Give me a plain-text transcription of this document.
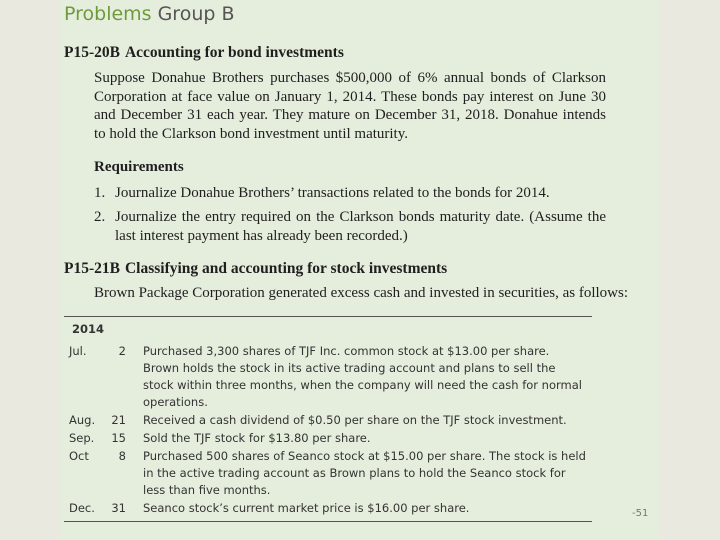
Problems Group B
P15-20B Accounting for bond investments
Suppose Donahue Brothers purchases $500,000 of 6% annual bonds of Clarkson Corporation at face value on January 1, 2014. These bonds pay interest on June 30 and December 31 each year. They mature on December 31, 2018. Donahue intends to hold the Clarkson bond investment until maturity.
Requirements
1. Journalize Donahue Brothers’ transactions related to the bonds for 2014.
2. Journalize the entry required on the Clarkson bonds maturity date. (Assume the last interest payment has already been recorded.)
P15-21B Classifying and accounting for stock investments
Brown Package Corporation generated excess cash and invested in securities, as follows:
2014
Jul.	2 Purchased 3,300 shares of TJF Inc. common stock at $13.00 per share. Brown holds the stock in its active trading account and plans to sell the stock within three months, when the company will need the cash for normal operations.
Aug.	21 Received a cash dividend of $0.50 per share on the TJF stock investment.
Sep.	15 Sold the TJF stock for $13.80 per share.
Oct	8 Purchased 500 shares of Seanco stock at $15.00 per share. The stock is held in the active trading account as Brown plans to hold the Seanco stock for less than five months.
Dec.	31 Seanco stock’s current market price is $16.00 per share.	-51
